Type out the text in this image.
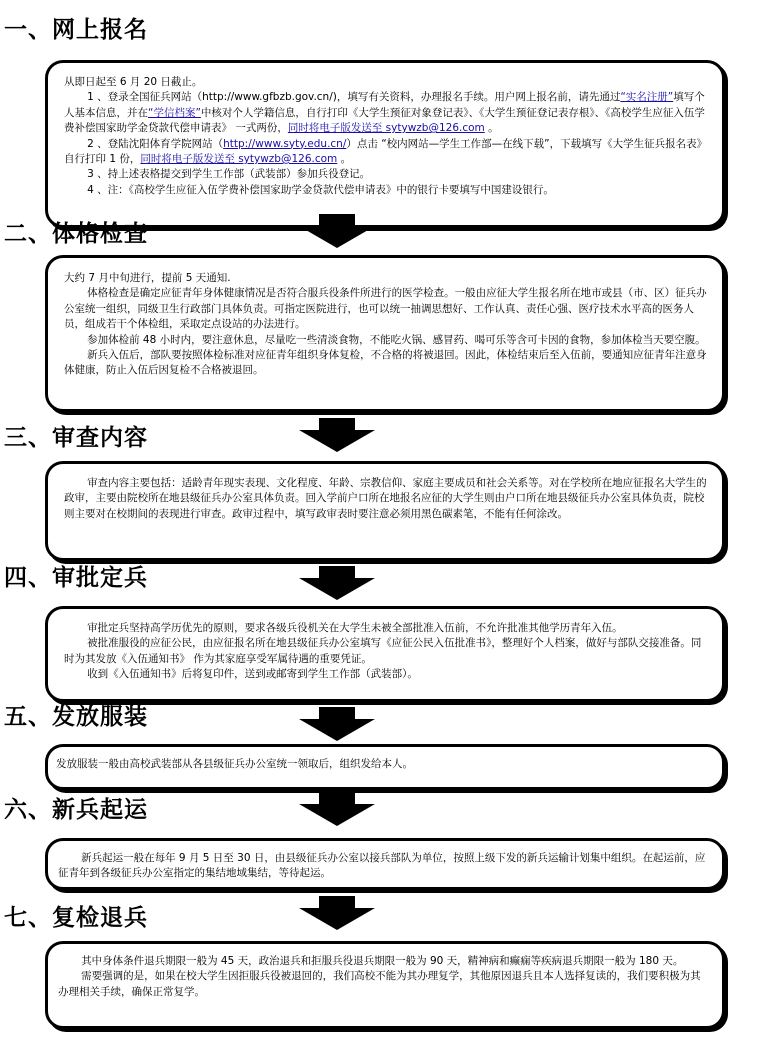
一、网上报名

从即日起至 6 月 20 日截止。

1 、登录全国征兵网站（http://www.gfbzb.gov.cn/)，填写有关资料，办理报名手续。用户网上报名前，请先通过“实名注册”填写个人基本信息，并在“学信档案”中核对个人学籍信息，自行打印《大学生预征对象登记表》、《大学生预征登记表存根》、《高校学生应征入伍学费补偿国家助学金贷款代偿申请表》 一式两份，同时将电子版发送至 sytywzb@126.com 。

2 、登陆沈阳体育学院网站（http://www.syty.edu.cn/）点击 “校内网站—学生工作部—在线下载”，下载填写《大学生征兵报名表》 自行打印 1 份，同时将电子版发送至 sytywzb@126.com 。

3 、持上述表格提交到学生工作部（武装部）参加兵役登记。

4 、注：《高校学生应征入伍学费补偿国家助学金贷款代偿申请表》中的银行卡要填写中国建设银行。

二、体格检查

大约 7 月中旬进行，提前 5 天通知.

体格检查是确定应征青年身体健康情况是否符合服兵役条件所进行的医学检查。一般由应征大学生报名所在地市或县（市、区）征兵办公室统一组织，同级卫生行政部门具体负责。可指定医院进行，也可以统一抽调思想好、工作认真、责任心强、医疗技术水平高的医务人员，组成若干个体检组，采取定点设站的办法进行。

参加体检前 48 小时内，要注意休息，尽量吃一些清淡食物，不能吃火锅、感冒药、喝可乐等含可卡因的食物，参加体检当天要空腹。

新兵入伍后，部队要按照体检标准对应征青年组织身体复检，不合格的将被退回。因此，体检结束后至入伍前，要通知应征青年注意身体健康，防止入伍后因复检不合格被退回。

三、审查内容

审查内容主要包括：适龄青年现实表现、文化程度、年龄、宗教信仰、家庭主要成员和社会关系等。对在学校所在地应征报名大学生的政审，主要由院校所在地县级征兵办公室具体负责。回入学前户口所在地报名应征的大学生则由户口所在地县级征兵办公室具体负责，院校则主要对在校期间的表现进行审查。政审过程中，填写政审表时要注意必须用黑色碳素笔，不能有任何涂改。

四、审批定兵

审批定兵坚持高学历优先的原则，要求各级兵役机关在大学生未被全部批准入伍前，不允许批准其他学历青年入伍。

被批准服役的应征公民，由应征报名所在地县级征兵办公室填写《应征公民入伍批准书》，整理好个人档案，做好与部队交接准备。同时为其发放《入伍通知书》 作为其家庭享受军属待遇的重要凭证。

收到《入伍通知书》后将复印件，送到或邮寄到学生工作部（武装部）。

五、发放服装

发放服装一般由高校武装部从各县级征兵办公室统一领取后，组织发给本人。

六、新兵起运

新兵起运一般在每年 9 月 5 日至 30 日，由县级征兵办公室以接兵部队为单位，按照上级下发的新兵运输计划集中组织。在起运前，应征青年到各级征兵办公室指定的集结地域集结，等待起运。

七、复检退兵

其中身体条件退兵期限一般为 45 天，政治退兵和拒服兵役退兵期限一般为 90 天，精神病和癫痫等疾病退兵期限一般为 180 天。

需要强调的是，如果在校大学生因拒服兵役被退回的，我们高校不能为其办理复学，其他原因退兵且本人选择复读的，我们要积极为其办理相关手续，确保正常复学。
